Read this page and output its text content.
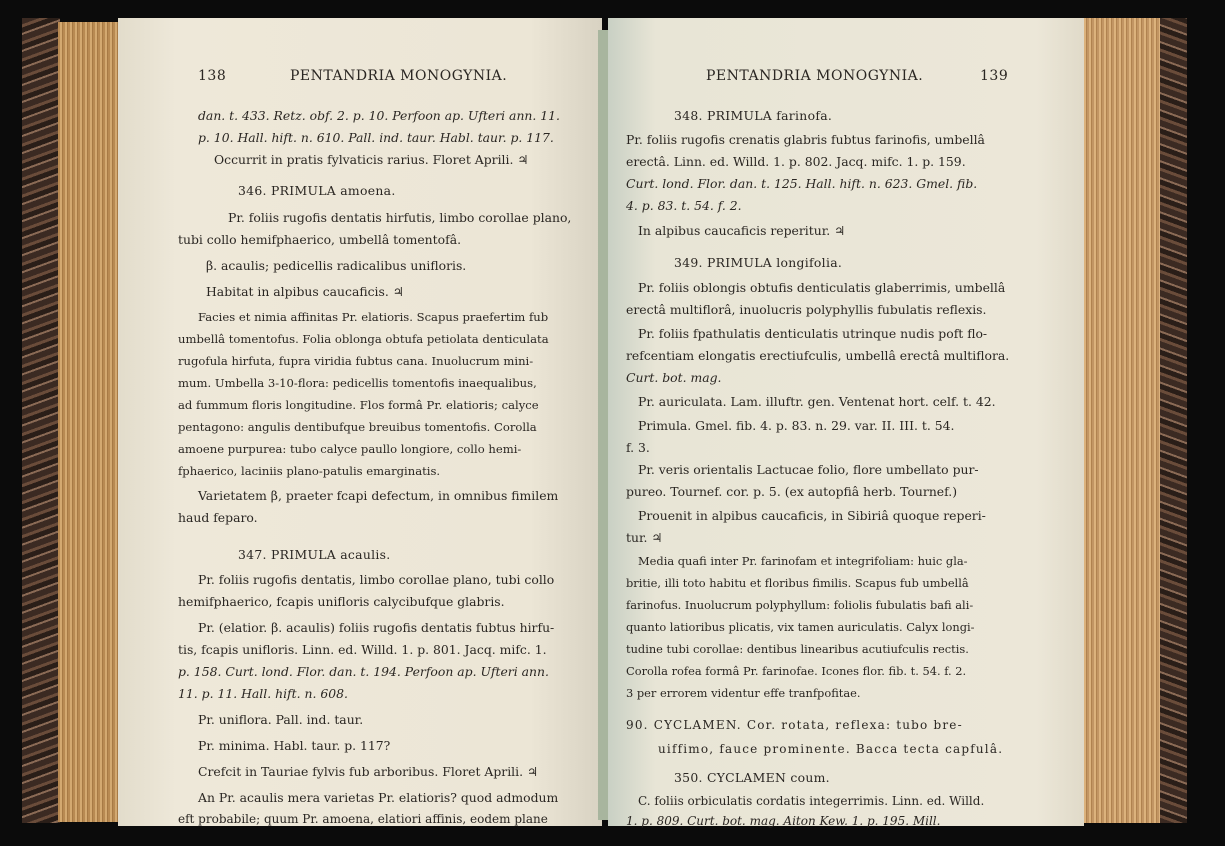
138	PENTANDRIA MONOGYNIA.
dan. t. 433. Retz. obf. 2. p. 10. Perfoon ap. Ufteri ann. 11.
p. 10. Hall. hift. n. 610. Pall. ind. taur. Habl. taur. p. 117.
Occurrit in pratis fylvaticis rarius. Floret Aprili. ♃
346. PRIMULA amoena.
Pr. foliis rugofis dentatis hirfutis, limbo corollae plano,
tubi collo hemifphaerico, umbellâ tomentofâ.
β. acaulis; pedicellis radicalibus unifloris.
Habitat in alpibus caucaficis. ♃
Facies et nimia affinitas Pr. elatioris. Scapus praefertim fub
umbellâ tomentofus. Folia oblonga obtufa petiolata denticulata
rugofula hirfuta, fupra viridia fubtus cana. Inuolucrum mini-
mum. Umbella 3-10-flora: pedicellis tomentofis inaequalibus,
ad fummum floris longitudine. Flos formâ Pr. elatioris; calyce
pentagono: angulis dentibufque breuibus tomentofis. Corolla
amoene purpurea: tubo calyce paullo longiore, collo hemi-
fphaerico, laciniis plano-patulis emarginatis.
Varietatem β, praeter fcapi defectum, in omnibus fimilem
haud feparo.
347. PRIMULA acaulis.
Pr. foliis rugofis dentatis, limbo corollae plano, tubi collo
hemifphaerico, fcapis unifloris calycibufque glabris.
Pr. (elatior. β. acaulis) foliis rugofis dentatis fubtus hirfu-
tis, fcapis unifloris. Linn. ed. Willd. 1. p. 801. Jacq. mifc. 1.
p. 158. Curt. lond. Flor. dan. t. 194. Perfoon ap. Ufteri ann.
11. p. 11. Hall. hift. n. 608.
Pr. uniflora. Pall. ind. taur.
Pr. minima. Habl. taur. p. 117?
Crefcit in Tauriae fylvis fub arboribus. Floret Aprili. ♃
An Pr. acaulis mera varietas Pr. elatioris? quod admodum
eft probabile; quum Pr. amoena, elatiori affinis, eodem plane
PENTANDRIA MONOGYNIA.	139
348. PRIMULA farinofa.
Pr. foliis rugofis crenatis glabris fubtus farinofis, umbellâ
erectâ. Linn. ed. Willd. 1. p. 802. Jacq. mifc. 1. p. 159.
Curt. lond. Flor. dan. t. 125. Hall. hift. n. 623. Gmel. fib.
4. p. 83. t. 54. f. 2.
In alpibus caucaficis reperitur. ♃
349. PRIMULA longifolia.
Pr. foliis oblongis obtufis denticulatis glaberrimis, umbellâ
erectâ multiflorâ, inuolucris polyphyllis fubulatis reflexis.
Pr. foliis fpathulatis denticulatis utrinque nudis poft flo-
refcentiam elongatis erectiufculis, umbellâ erectâ multiflora.
Curt. bot. mag.
Pr. auriculata. Lam. illuftr. gen. Ventenat hort. celf. t. 42.
Primula. Gmel. fib. 4. p. 83. n. 29. var. II. III. t. 54.
f. 3.
Pr. veris orientalis Lactucae folio, flore umbellato pur-
pureo. Tournef. cor. p. 5. (ex autopfiâ herb. Tournef.)
Prouenit in alpibus caucaficis, in Sibiriâ quoque reperi-
tur. ♃
Media quafi inter Pr. farinofam et integrifoliam: huic gla-
britie, illi toto habitu et floribus fimilis. Scapus fub umbellâ
farinofus. Inuolucrum polyphyllum: foliolis fubulatis bafi ali-
quanto latioribus plicatis, vix tamen auriculatis. Calyx longi-
tudine tubi corollae: dentibus linearibus acutiufculis rectis.
Corolla rofea formâ Pr. farinofae. Icones flor. fib. t. 54. f. 2.
3 per errorem videntur effe tranfpofitae.
90. CYCLAMEN. Cor. rotata, reflexa: tubo bre-
uiffimo, fauce prominente. Bacca tecta capfulâ.
350. CYCLAMEN coum.
C. foliis orbiculatis cordatis integerrimis. Linn. ed. Willd.
1. p. 809. Curt. bot. mag. Aiton Kew. 1. p. 195. Mill.
